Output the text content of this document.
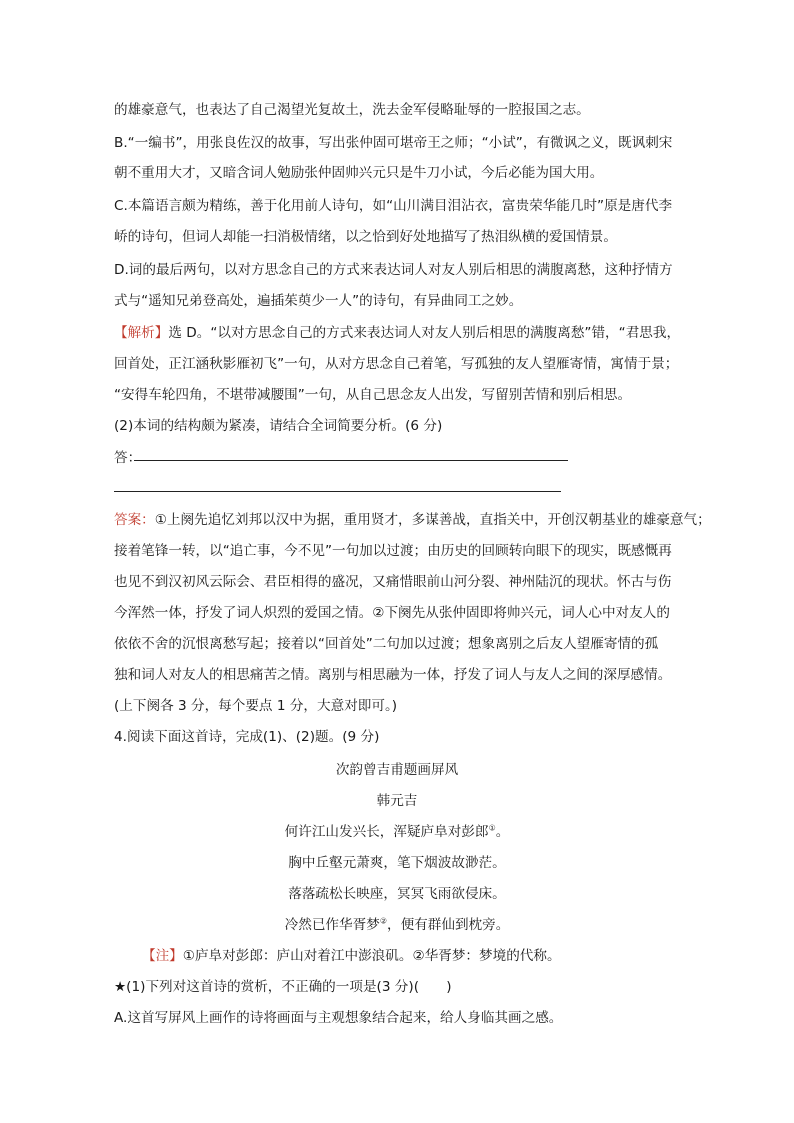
的雄豪意气，也表达了自己渴望光复故土，洗去金军侵略耻辱的一腔报国之志。
B.“一编书”，用张良佐汉的故事，写出张仲固可堪帝王之师；“小试”，有微讽之义，既讽刺宋
朝不重用大才，又暗含词人勉励张仲固帅兴元只是牛刀小试，今后必能为国大用。
C.本篇语言颇为精练，善于化用前人诗句，如“山川满目泪沾衣，富贵荣华能几时”原是唐代李
峤的诗句，但词人却能一扫消极情绪，以之恰到好处地描写了热泪纵横的爱国情景。
D.词的最后两句，以对方思念自己的方式来表达词人对友人别后相思的满腹离愁，这种抒情方
式与“遥知兄弟登高处，遍插茱萸少一人”的诗句，有异曲同工之妙。
【解析】选 D。“以对方思念自己的方式来表达词人对友人别后相思的满腹离愁”错，“君思我，
回首处，正江涵秋影雁初飞”一句，从对方思念自己着笔，写孤独的友人望雁寄情，寓情于景；
“安得车轮四角，不堪带减腰围”一句，从自己思念友人出发，写留别苦情和别后相思。
(2)本词的结构颇为紧凑，请结合全词简要分析。(6 分)
答：
答案：①上阕先追忆刘邦以汉中为据，重用贤才，多谋善战，直指关中，开创汉朝基业的雄豪意气；
接着笔锋一转，以“追亡事，今不见”一句加以过渡；由历史的回顾转向眼下的现实，既感慨再
也见不到汉初风云际会、君臣相得的盛况，又痛惜眼前山河分裂、神州陆沉的现状。怀古与伤
今浑然一体，抒发了词人炽烈的爱国之情。②下阕先从张仲固即将帅兴元，词人心中对友人的
依依不舍的沉恨离愁写起；接着以“回首处”二句加以过渡；想象离别之后友人望雁寄情的孤
独和词人对友人的相思痛苦之情。离别与相思融为一体，抒发了词人与友人之间的深厚感情。
(上下阕各 3 分，每个要点 1 分，大意对即可。)
4.阅读下面这首诗，完成(1)、(2)题。(9 分)
次韵曾吉甫题画屏风
韩元吉
何许江山发兴长，浑疑庐阜对彭郎①。
胸中丘壑元萧爽，笔下烟波故渺茫。
落落疏松长映座，冥冥飞雨欲侵床。
冷然已作华胥梦②，便有群仙到枕旁。
【注】①庐阜对彭郎：庐山对着江中澎浪矶。②华胥梦：梦境的代称。
★(1)下列对这首诗的赏析，不正确的一项是(3 分)(　　)
A.这首写屏风上画作的诗将画面与主观想象结合起来，给人身临其画之感。
